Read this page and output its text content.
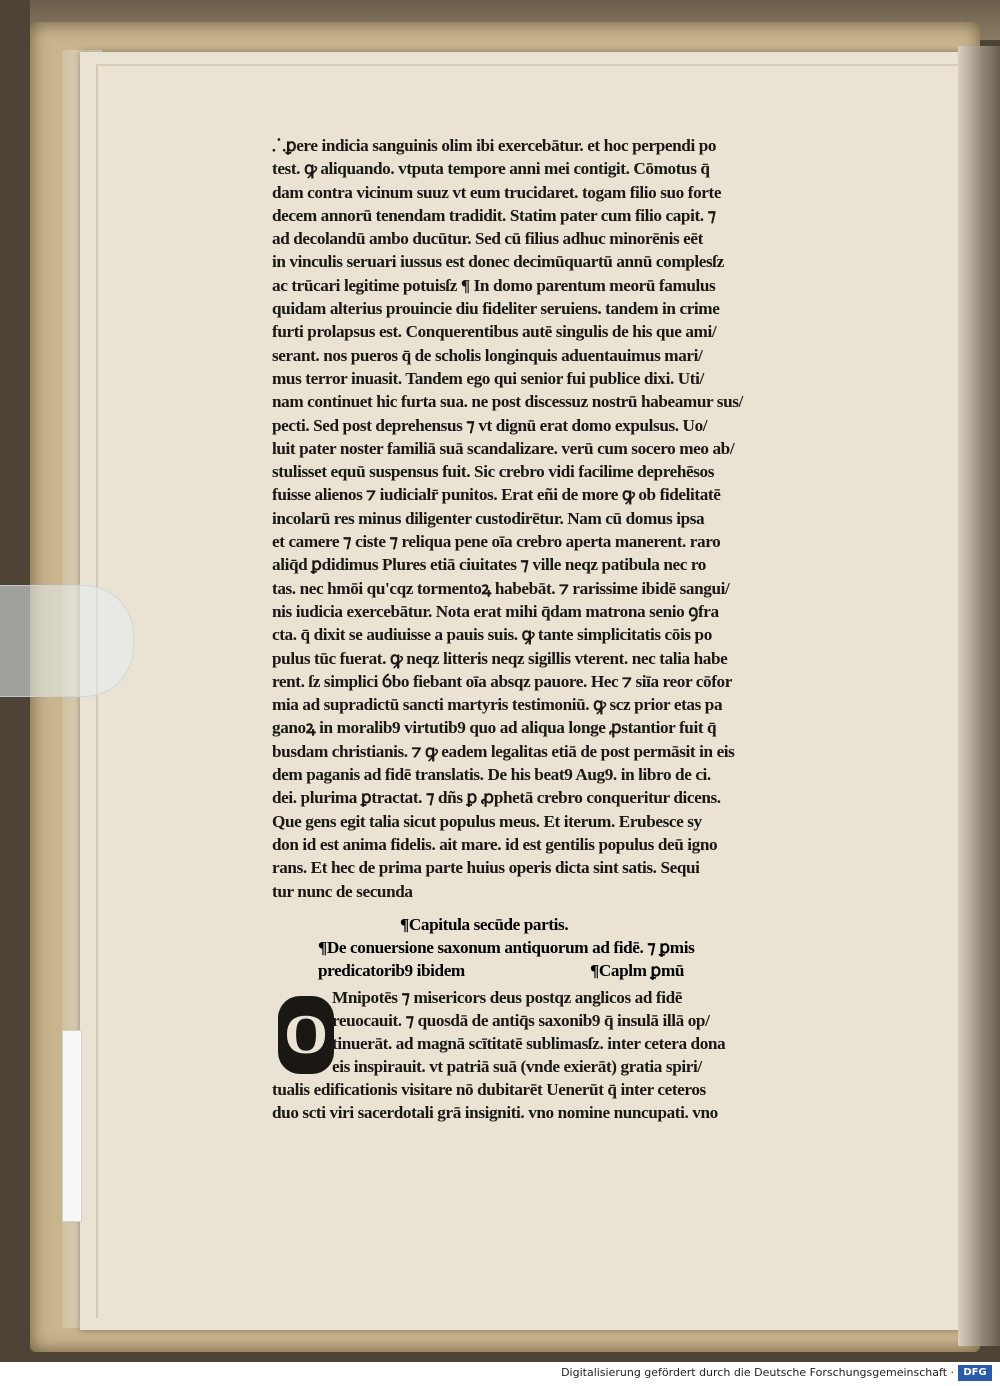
⸫ꝑere indicia sanguinis olim ibi exercebātur. et hoc perpendi po
test. ꝙ aliquando. vtputa tempore anni mei contigit. Cōmotus q̄
dam contra vicinum suuz vt eum trucidaret. togam filio suo forte
decem annorū tenendam tradidit. Statim pater cum filio capit. ⁊
ad decolandū ambo ducūtur. Sed cū filius adhuc minorēnis eēt
in vinculis seruari iussus est donec decimūquartū annū complesſz
ac trūcari legitime potuisſz ¶ In domo parentum meorū famulus
quidam alterius prouincie diu fideliter seruiens. tandem in crime
furti prolapsus est. Conquerentibus autē singulis de his que ami/
serant. nos pueros q̄ de scholis longinquis aduentauimus mari/
mus terror inuasit. Tandem ego qui senior fui publice dixi. Uti/
nam continuet hic furta sua. ne post discessuz nostrū habeamur sus/
pecti. Sed post deprehensus ⁊ vt dignū erat domo expulsus. Uo/
luit pater noster familiā suā scandalizare. verū cum socero meo ab/
stulisset equū suspensus fuit. Sic crebro vidi facilime deprehēsos
fuisse alienos ⁊ iudicialr̄ punitos. Erat eñi de more ꝙ ob fidelitatē
incolarū res minus diligenter custodirētur. Nam cū domus ipsa
et camere ⁊ ciste ⁊ reliqua pene oīa crebro aperta manerent. raro
aliq̄d ꝑdidimus Plures etiā ciuitates ⁊ ville neqz patibula nec ro
tas. nec hmōi qu'cqz tormentoꝝ habebāt. ⁊ rarissime ibidē sangui/
nis iudicia exercebātur. Nota erat mihi q̄dam matrona senio ꝯfra
cta. q̄ dixit se audiuisse a pauis suis. ꝙ tante simplicitatis cōis po
pulus tūc fuerat. ꝙ neqz litteris neqz sigillis vterent. nec talia habe
rent. ſz simplici ỽbo fiebant oīa absqz pauore. Hec ⁊ siīa reor cōfor
mia ad supradictū sancti martyris testimoniū. ꝙ scz prior etas pa
ganoꝝ in moralib9 virtutib9 quo ad aliqua longe ꝓstantior fuit q̄
busdam christianis. ⁊ ꝙ eadem legalitas etiā de post permāsit in eis
dem paganis ad fidē translatis. De his beat9 Aug9. in libro de ci.
dei. plurima ꝑtractat. ⁊ dñs ꝑ ꝓphetā crebro conqueritur dicens.
Que gens egit talia sicut populus meus. Et iterum. Erubesce sy
don id est anima fidelis. ait mare. id est gentilis populus deū igno
rans. Et hec de prima parte huius operis dicta sint satis. Sequi
tur nunc de secunda
¶Capitula secūde partis.
¶De conuersione saxonum antiquorum ad fidē. ⁊ ꝑmis
predicatorib9 ibidem	¶Caplm ꝑmū
O
Mnipotēs ⁊ misericors deus postqz anglicos ad fidē
reuocauit. ⁊ quosdā de antiq̄s saxonib9 q̄ insulā illā op/
tinuerāt. ad magnā scītitatē sublimasſz. inter cetera dona
eis inspirauit. vt patriā suā (vnde exierāt) gratia spiri/
tualis edificationis visitare nō dubitarēt Uenerūt q̄ inter ceteros
duo scti viri sacerdotali grā insigniti. vno nomine nuncupati. vno
Digitalisierung gefördert durch die Deutsche Forschungsgemeinschaft · DFG
